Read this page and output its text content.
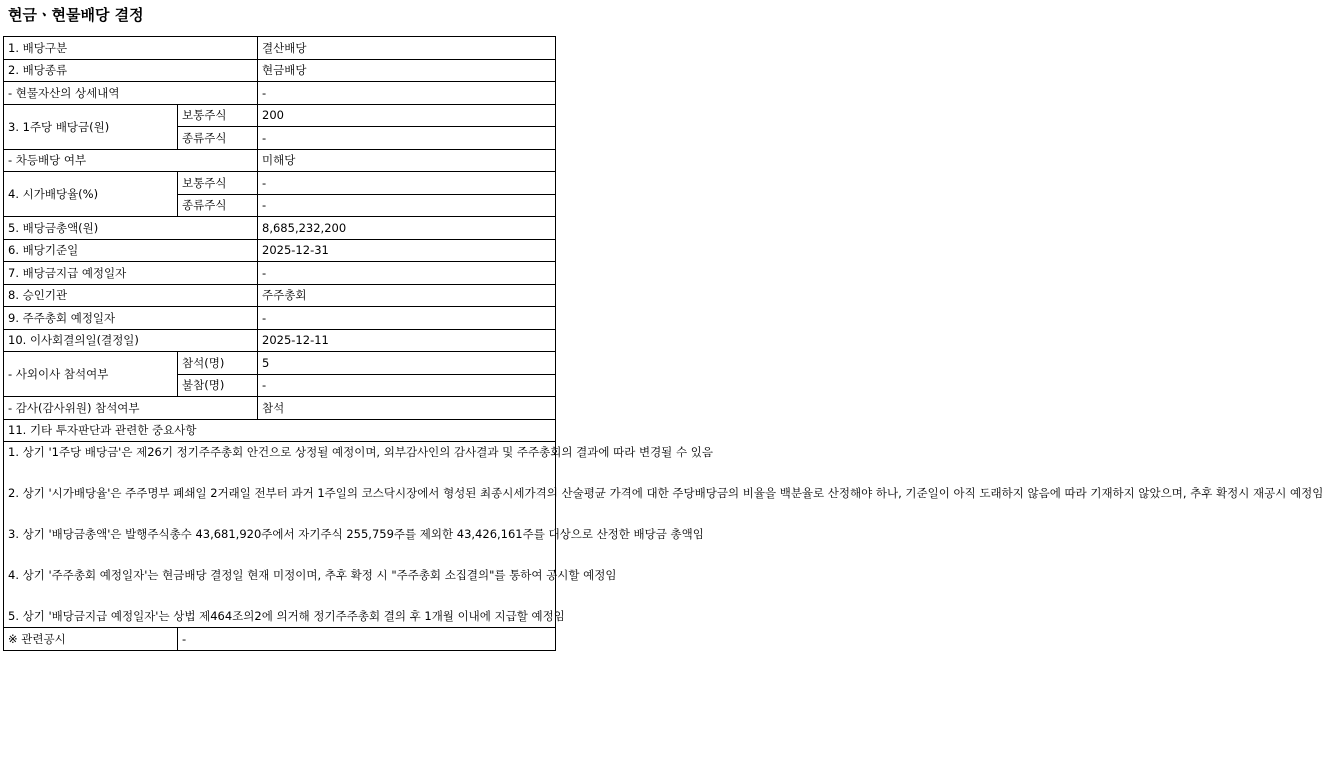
현금ㆍ현물배당 결정
1. 배당구분		결산배당
2. 배당종류		현금배당
- 현물자산의 상세내역		-
3. 1주당 배당금(원)	보통주식	200
	종류주식	-
- 차등배당 여부		미해당
4. 시가배당율(%)	보통주식	-
	종류주식	-
5. 배당금총액(원)		8,685,232,200
6. 배당기준일		2025-12-31
7. 배당금지급 예정일자		-
8. 승인기관		주주총회
9. 주주총회 예정일자		-
10. 이사회결의일(결정일)		2025-12-11
- 사외이사 참석여부	참석(명)	5
	불참(명)	-
- 감사(감사위원) 참석여부		참석
11. 기타 투자판단과 관련한 중요사항		

1. 상기 '1주당 배당금'은 제26기 정기주주총회 안건으로 상정될 예정이며, 외부감사인의 감사결과 및 주주총회의 결과에 따라 변경될 수 있음

2. 상기 '시가배당율'은 주주명부 폐쇄일 2거래일 전부터 과거 1주일의 코스닥시장에서 형성된 최종시세가격의 산술평균 가격에 대한 주당배당금의 비율을 백분율로 산정해야 하나, 기준일이 아직 도래하지 않음에 따라 기재하지 않았으며, 추후 확정시 재공시 예정임

3. 상기 '배당금총액'은 발행주식총수 43,681,920주에서 자기주식 255,759주를 제외한 43,426,161주를 대상으로 산정한 배당금 총액임

4. 상기 '주주총회 예정일자'는 현금배당 결정일 현재 미정이며, 추후 확정 시 "주주총회 소집결의"를 통하여 공시할 예정임

5. 상기 '배당금지급 예정일자'는 상법 제464조의2에 의거해 정기주주총회 결의 후 1개월 이내에 지급할 예정임		

※ 관련공시	-	
